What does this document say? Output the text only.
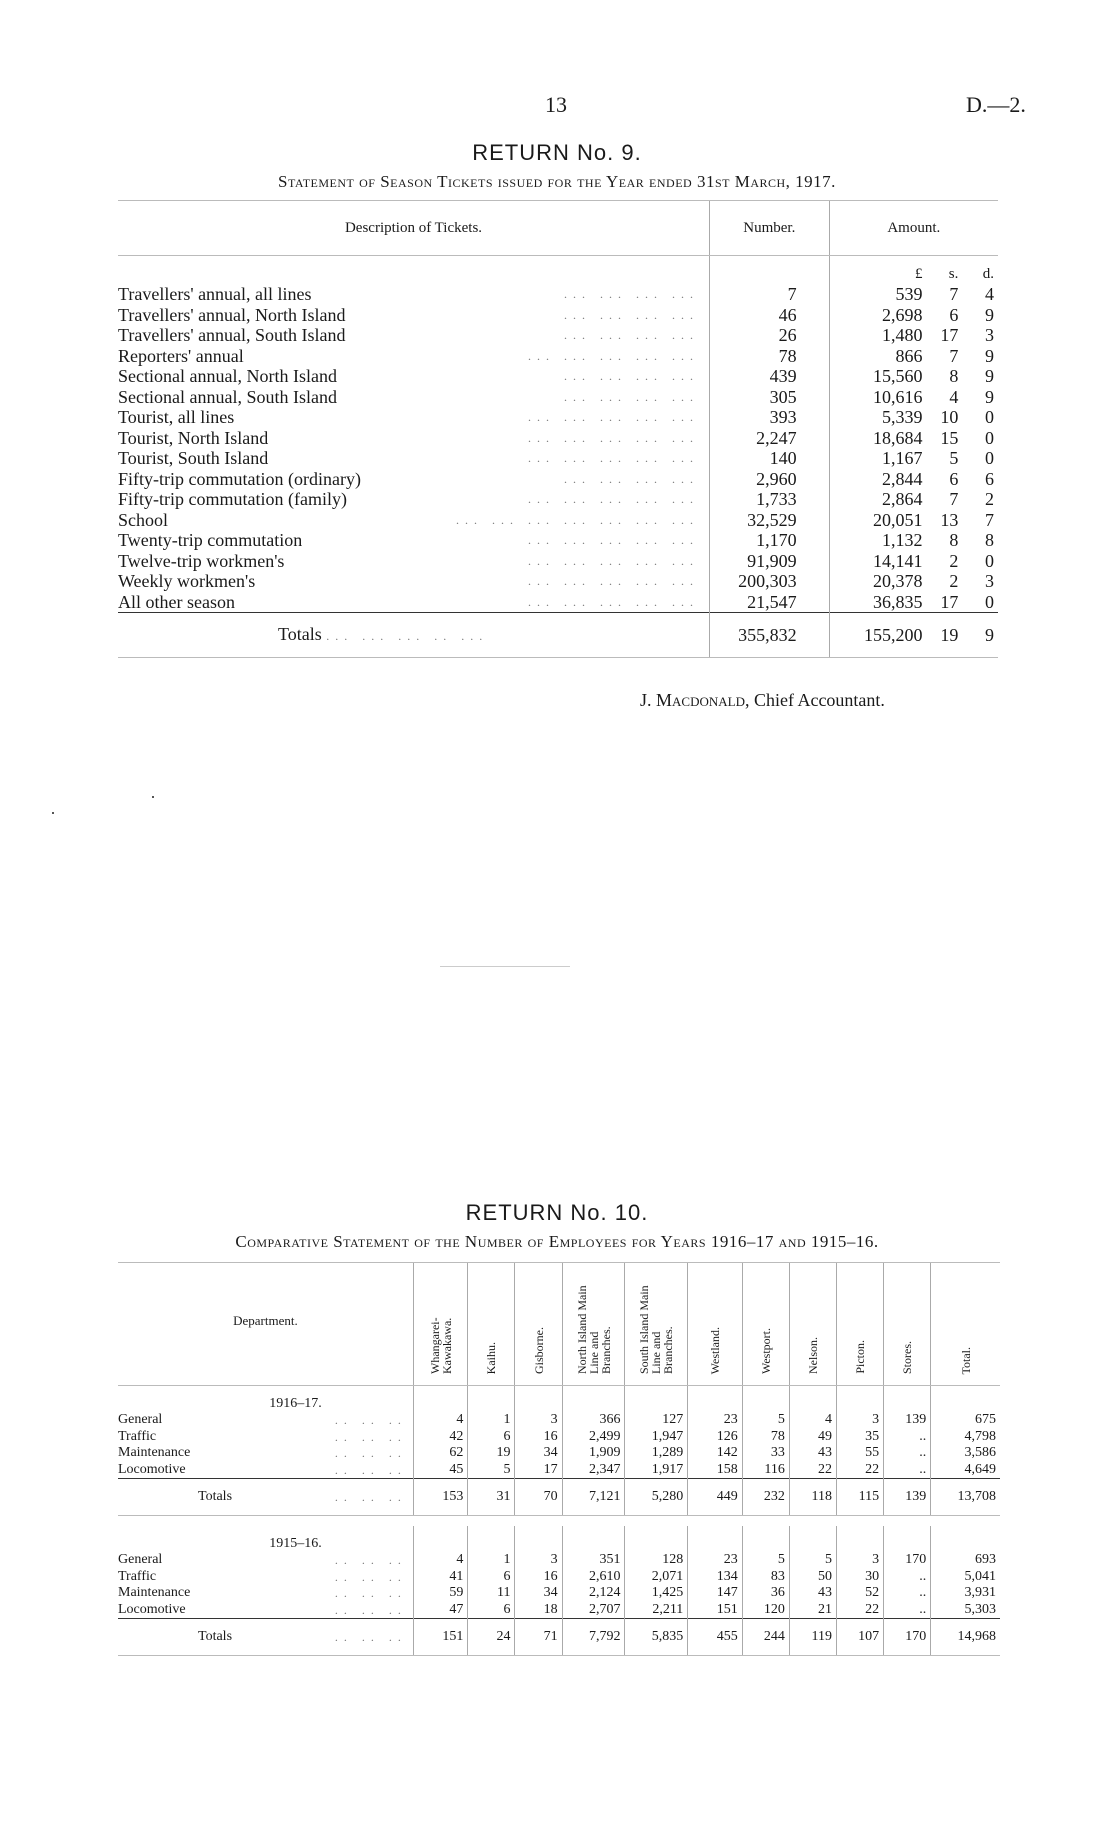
13	D.—2.
RETURN No. 9.
Statement of Season Tickets issued for the Year ended 31st March, 1917.
Description of Tickets.	Number.	Amount.		
		£	s.	d.
Travellers' annual, all lines ... ... ... ...	7	539	7	4
Travellers' annual, North Island ... ... ... ...	46	2,698	6	9
Travellers' annual, South Island ... ... ... ...	26	1,480	17	3
Reporters' annual ... ... ... ... ...	78	866	7	9
Sectional annual, North Island ... ... ... ...	439	15,560	8	9
Sectional annual, South Island ... ... ... ...	305	10,616	4	9
Tourist, all lines ... ... ... ... ...	393	5,339	10	0
Tourist, North Island ... ... ... ... ...	2,247	18,684	15	0
Tourist, South Island ... ... ... ... ...	140	1,167	5	0
Fifty-trip commutation (ordinary) ... ... ... ...	2,960	2,844	6	6
Fifty-trip commutation (family) ... ... ... ... ...	1,733	2,864	7	2
School ... ... ... ... ... ... ...	32,529	20,051	13	7
Twenty-trip commutation ... ... ... ... ...	1,170	1,132	8	8
Twelve-trip workmen's ... ... ... ... ...	91,909	14,141	2	0
Weekly workmen's ... ... ... ... ...	200,303	20,378	2	3
All other season ... ... ... ... ...	21,547	36,835	17	0
Totals ... ... ... .. ...	355,832	155,200	19	9
J. Macdonald, Chief Accountant.
RETURN No. 10.
Comparative Statement of the Number of Employees for Years 1916–17 and 1915–16.
Department.	Whangarei-Kawakawa.	Kaihu.	Gisborne.	North Island Main Line and Branches.	South Island Main Line and Branches.	Westland.	Westport.	Nelson.	Picton.	Stores.	Total.
1916–17.											
General .. .. ..	4	1	3	366	127	23	5	4	3	139	675
Traffic .. .. ..	42	6	16	2,499	1,947	126	78	49	35	..	4,798
Maintenance .. .. ..	62	19	34	1,909	1,289	142	33	43	55	..	3,586
Locomotive .. .. ..	45	5	17	2,347	1,917	158	116	22	22	..	4,649
Totals .. .. ..	153	31	70	7,121	5,280	449	232	118	115	139	13,708

1915–16.											
General .. .. ..	4	1	3	351	128	23	5	5	3	170	693
Traffic .. .. ..	41	6	16	2,610	2,071	134	83	50	30	..	5,041
Maintenance .. .. ..	59	11	34	2,124	1,425	147	36	43	52	..	3,931
Locomotive .. .. ..	47	6	18	2,707	2,211	151	120	21	22	..	5,303
Totals .. .. ..	151	24	71	7,792	5,835	455	244	119	107	170	14,968
